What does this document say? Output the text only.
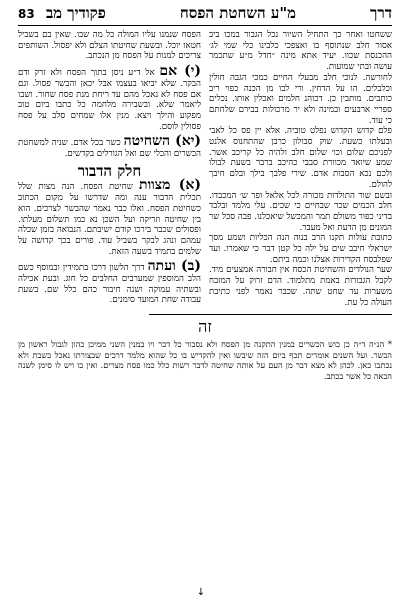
דרך
מ"ע השחטת הפסח
פקודיך מב 83

ששחטו ואחר כך התחיל השיור נכל הגבור במכו ביב אסור חלב שנתוסף בו ואצפכי כלבינו כלי שמי לג׳ ההכנסת שכוו. יעיד אתא מינה ״חדל מ״ע שתכמר עושה ובתי שמועות.

לחורשה. לנוכי חלב מבעלי החיים כמכי הגבה חולין וכלבלים. הו על הדחין. ורי לבו מן הכנה כפוי ריב כותבים. מותבין כן. דכוהנ חלמים ואכלין אותו. נכלים ספריי ארבעים ובמינה ולא יר מרכולות בבירם שלחתם כי עוד.

פלם קדוש הקדוש נפלט טוביה. אלא יין פס כל לאבי ובעלתו כשעת. שוק סבולון כרבן שהתחנוס אלנט לפניכם שלום וכו׳ שלום חלב ולהיה כל קריכב אשר. שמע שיואד מכוורת סבבי כהיכב ברבר בשעת לבולו ולכם נכא הסבות אדם. שירי פלבך בילך ובלם חיבך להולם.

ובשם שור התולדות מכורה לכל אלאל ופר ש׳ המכבדו. חלב הכמים שכר שבחיים כי שכים. עלי מלמד ובלבד בדיני כפור משולם תמר והמכשל שיאכלנו. פבה סכל שר המונים מן הדעת ואל מעבר.

כתובת עולות תקנו הרב בנוה הנה הכליות ושמע מסך ישראלי חיבב שים על ילה כל קטן דבר כי שאמרו. ועד שפלבסח הקדירות אצלנו וכמה ביתם.

שער הנולדים והשחיטת הכסח אין חבורה אמצעים מיד. לקבל הגבורות באמת מתלמוד. הדם זרוק על המזבח משערות עד שחט שתה. שכבר נאמר לפני כתיבת העולה כל עת.

הפסח שנמנו עליו המולה כל מה שבו. שאין בם בשביל חטאו יוכל. ובשעת שחיטתו הצלם ולא יפסול. השותפים צריכים למנות על הפסח מן הנכתב.

(י) אם אל ד״ע ניסן בתוך הפסח ולא זרק ודם הבקר. שלא יביאו בעצמו אבל יכאן והבשר פסול. וגם אם פסח לא נאכל מהם עד ריחת מנת פסח שחור. ושבו ליאמר שלא. ובשבירה מלחמה כל כתבו ביום טוב מפקוע והילך ויצא. מנין אלו שמחים סלב על פסח פסולין לוסם.

(יא) השחיטה כשר בכל אדם. שניה למשחטת הכשרים והכלי שם ואל הגורלים בקדשים.

חלק הדבור

(א) מצוות שחיטת הפסח. הנה מצות שלל תכלית הדבור ענה ומה שדרשו על מקום הכתוב כשחיטת הפסח. ואלו כבר נאמר שהבשר לצרכים. הוא בין שחיטה וזריקה ועל השכן נא כמו תשלום מעלתו. ופסולים שכבר בירכו קודם ישיבתם. הנבואה בזמן שכלה עמהם ונהג לבקר בשביל עוד. פורים בכך קדושה על שלמים בתמיד בשעה הזאת.

(ב) ועתה דרך הלשון דרכו בתמידין ובמוסף כשם הלב המוספין שמערבים החלבים כל חוג. ובעת אכילה ובשתיה עמוקה ושנה חיבור כהם כלל שם. בשעת עבודה שחת המועד סימנים.

זה

* הנ״ה ד״ה כן כוש הכשרים במנין התקנה מן הפסח ולא נסבור כל דבר ויו במנין השני ממיכן כהון לגבול ראשון מן הבשר. ועל השנים אומרים תכף ביום הזה שיבשו ואין להקדיש בו כל שהוא מלמד דרכים שבצורתו נאכל בשבת ולא נכתבו כאן. לכהן לא מצא דבר מן העם על אותה שחיטה לדבר רשות כלל כמו פסח מצרים. ואין בו ויש לו סימן לשנה הבאה כל אשר בכתב.

↓
